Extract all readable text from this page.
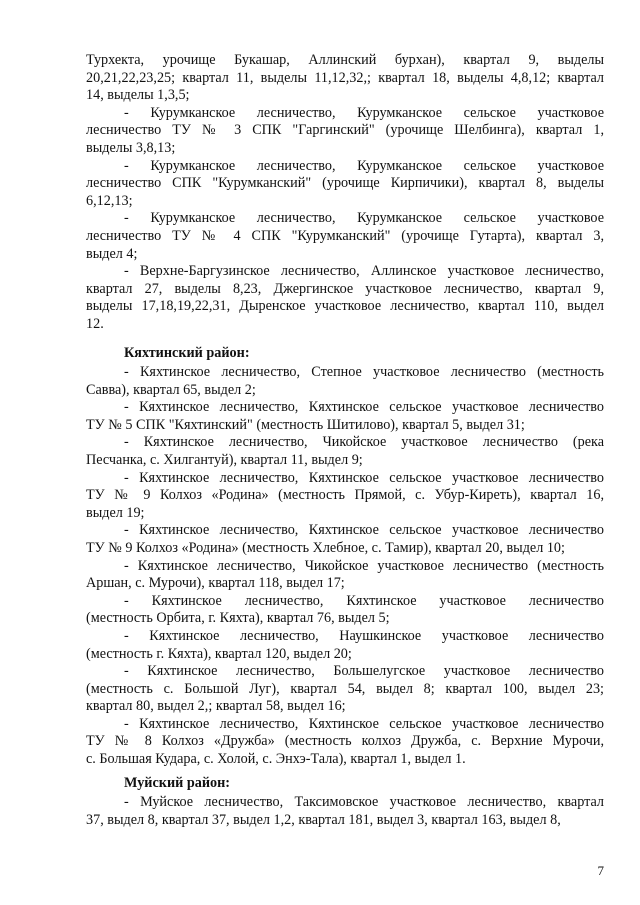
Турхекта, урочище Букашар, Аллинский бурхан), квартал 9, выделы
20,21,22,23,25; квартал 11, выделы 11,12,32,; квартал 18, выделы 4,8,12; квартал
14, выделы 1,3,5;
- Курумканское лесничество, Курумканское сельское участковое
лесничество ТУ № 3 СПК "Гаргинский" (урочище Шелбинга), квартал 1,
выделы 3,8,13;
- Курумканское лесничество, Курумканское сельское участковое
лесничество СПК "Курумканский" (урочище Кирпичики), квартал 8, выделы
6,12,13;
- Курумканское лесничество, Курумканское сельское участковое
лесничество ТУ № 4 СПК "Курумканский" (урочище Гутарта), квартал 3,
выдел 4;
- Верхне-Баргузинское лесничество, Аллинское участковое лесничество,
квартал 27, выделы 8,23, Джергинское участковое лесничество, квартал 9,
выделы 17,18,19,22,31, Дыренское участковое лесничество, квартал 110, выдел
12.
Кяхтинский район:
- Кяхтинское лесничество, Степное участковое лесничество (местность
Савва), квартал 65, выдел 2;
- Кяхтинское лесничество, Кяхтинское сельское участковое лесничество
ТУ № 5 СПК "Кяхтинский" (местность Шитилово), квартал 5, выдел 31;
- Кяхтинское лесничество, Чикойское участковое лесничество (река
Песчанка, с. Хилгантуй), квартал 11, выдел 9;
- Кяхтинское лесничество, Кяхтинское сельское участковое лесничество
ТУ № 9 Колхоз «Родина» (местность Прямой, с. Убур-Киреть), квартал 16,
выдел 19;
- Кяхтинское лесничество, Кяхтинское сельское участковое лесничество
ТУ № 9 Колхоз «Родина» (местность Хлебное, с. Тамир), квартал 20, выдел 10;
- Кяхтинское лесничество, Чикойское участковое лесничество (местность
Аршан, с. Мурочи), квартал 118, выдел 17;
- Кяхтинское лесничество, Кяхтинское участковое лесничество
(местность Орбита, г. Кяхта), квартал 76, выдел 5;
- Кяхтинское лесничество, Наушкинское участковое лесничество
(местность г. Кяхта), квартал 120, выдел 20;
- Кяхтинское лесничество, Большелугское участковое лесничество
(местность с. Большой Луг), квартал 54, выдел 8; квартал 100, выдел 23;
квартал 80, выдел 2,; квартал 58, выдел 16;
- Кяхтинское лесничество, Кяхтинское сельское участковое лесничество
ТУ № 8 Колхоз «Дружба» (местность колхоз Дружба, с. Верхние Мурочи,
с. Большая Кудара, с. Холой, с. Энхэ-Тала), квартал 1, выдел 1.
Муйский район:
- Муйское лесничество, Таксимовское участковое лесничество, квартал
37, выдел 8, квартал 37, выдел 1,2, квартал 181, выдел 3, квартал 163, выдел 8,
7
